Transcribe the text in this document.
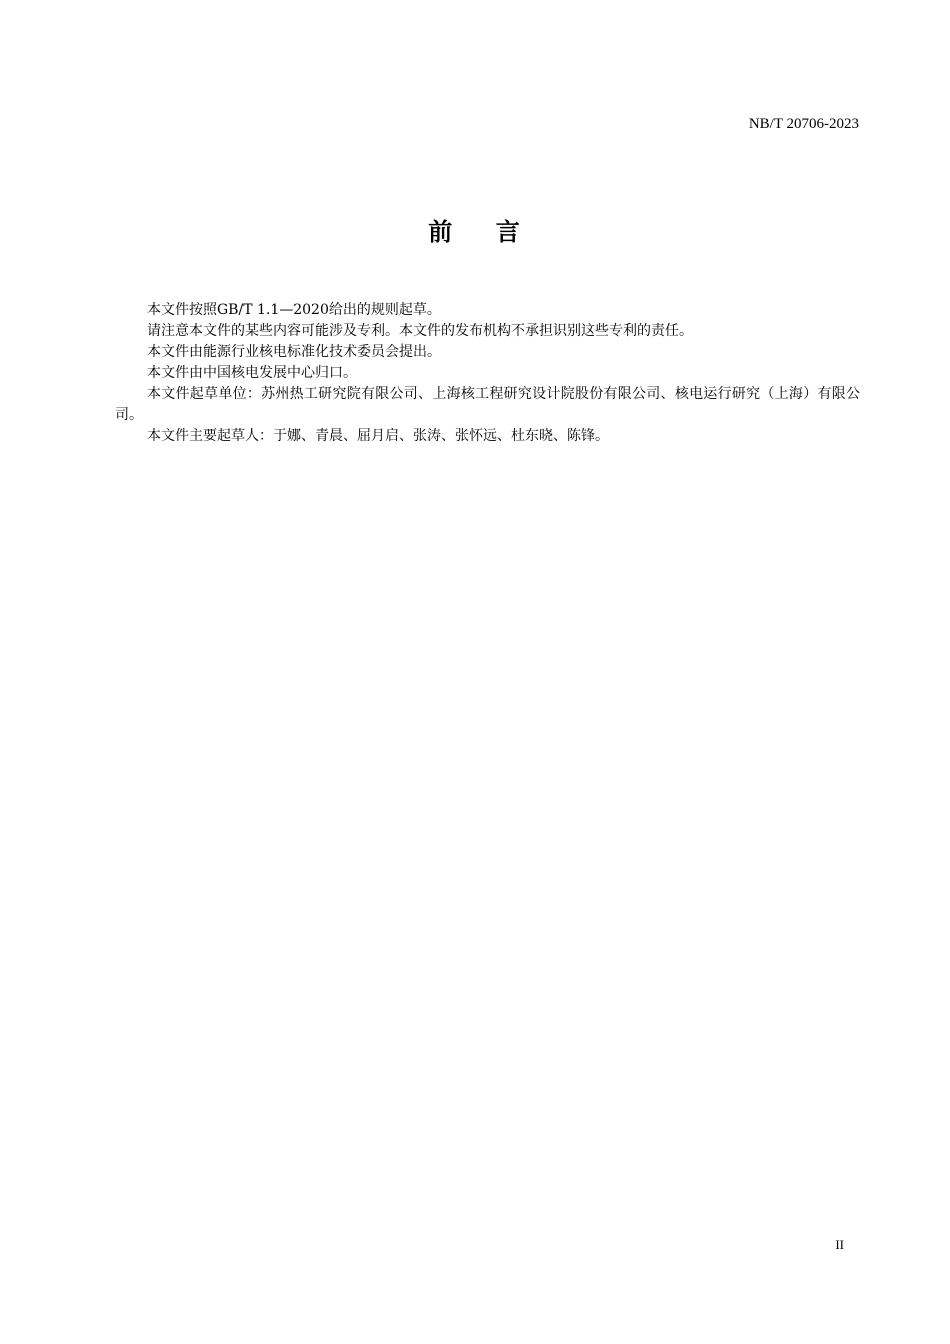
NB/T 20706-2023
前    言

本文件按照GB/T 1.1—2020给出的规则起草。

请注意本文件的某些内容可能涉及专利。本文件的发布机构不承担识别这些专利的责任。

本文件由能源行业核电标准化技术委员会提出。

本文件由中国核电发展中心归口。

本文件起草单位：苏州热工研究院有限公司、上海核工程研究设计院股份有限公司、核电运行研究（上海）有限公司。

本文件主要起草人：于娜、青晨、屈月启、张涛、张怀远、杜东晓、陈锋。

II
